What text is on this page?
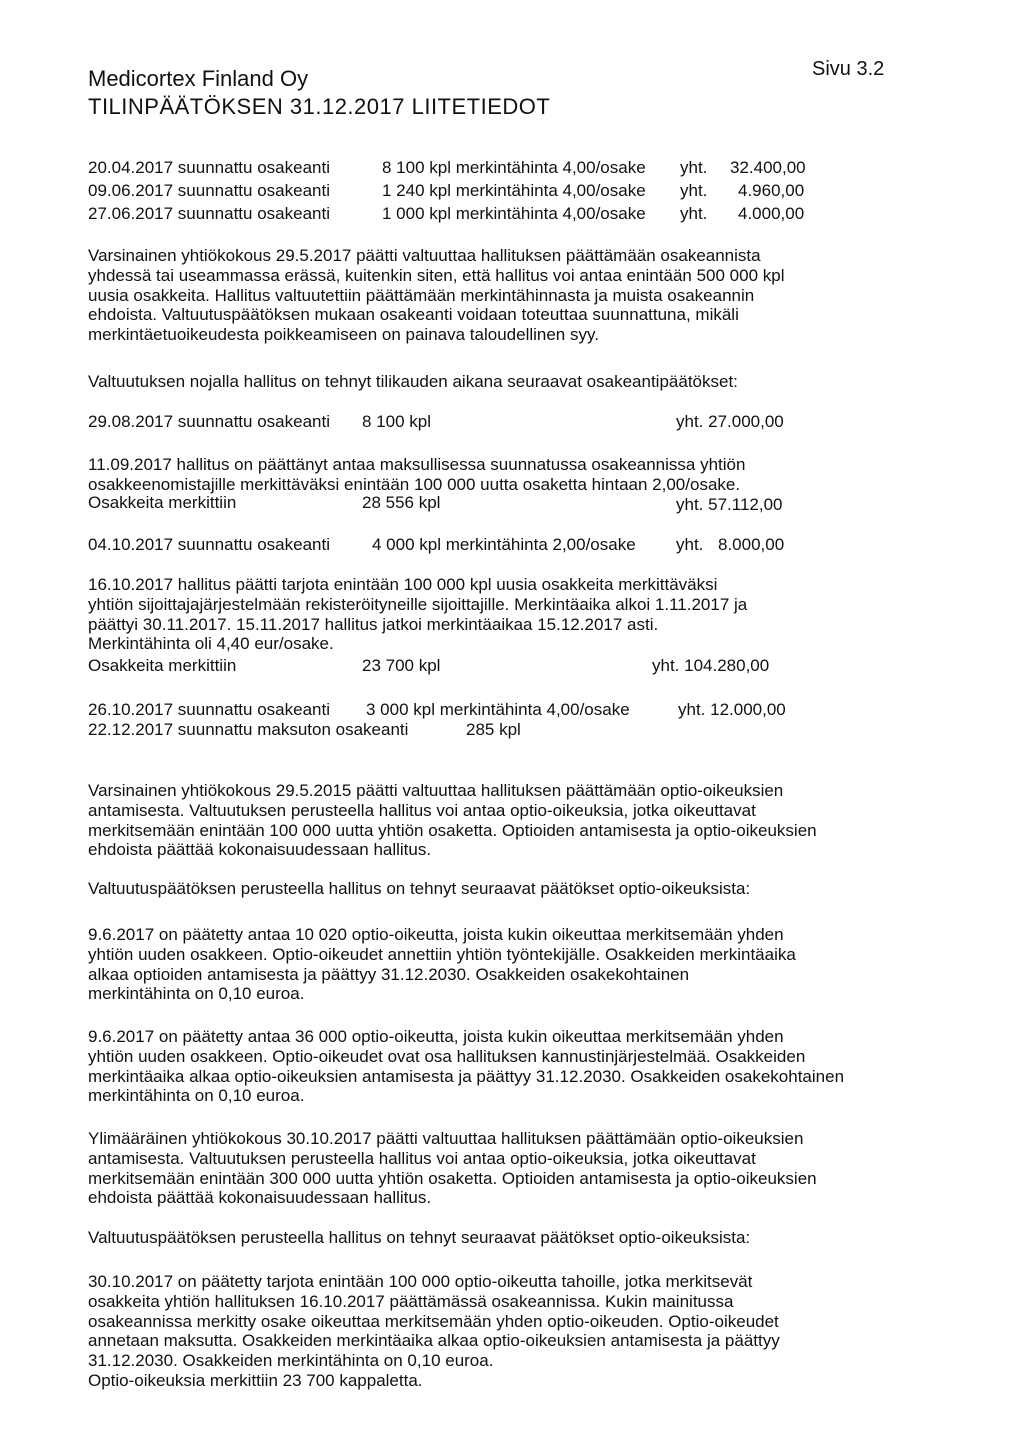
Medicortex Finland Oy
TILINPÄÄTÖKSEN 31.12.2017 LIITETIEDOT
Sivu 3.2
20.04.2017 suunnattu osakeanti	8 100 kpl merkintähinta 4,00/osake yht. 32.400,00
09.06.2017 suunnattu osakeanti	1 240 kpl merkintähinta 4,00/osake yht. 4.960,00
27.06.2017 suunnattu osakeanti	1 000 kpl merkintähinta 4,00/osake yht. 4.000,00
Varsinainen yhtiökokous 29.5.2017 päätti valtuuttaa hallituksen päättämään osakeannista
yhdessä tai useammassa erässä, kuitenkin siten, että hallitus voi antaa enintään 500 000 kpl
uusia osakkeita. Hallitus valtuutettiin päättämään merkintähinnasta ja muista osakeannin
ehdoista. Valtuutuspäätöksen mukaan osakeanti voidaan toteuttaa suunnattuna, mikäli
merkintäetuoikeudesta poikkeamiseen on painava taloudellinen syy.
Valtuutuksen nojalla hallitus on tehnyt tilikauden aikana seuraavat osakeantipäätökset:
29.08.2017 suunnattu osakeanti 8 100 kpl	yht. 27.000,00
11.09.2017 hallitus on päättänyt antaa maksullisessa suunnatussa osakeannissa yhtiön
osakkeenomistajille merkittäväksi enintään 100 000 uutta osaketta hintaan 2,00/osake.
Osakkeita merkittiin	28 556 kpl	yht. 57.112,00
04.10.2017 suunnattu osakeanti 4 000 kpl merkintähinta 2,00/osake yht. 8.000,00
16.10.2017 hallitus päätti tarjota enintään 100 000 kpl uusia osakkeita merkittäväksi
yhtiön sijoittajajärjestelmään rekisteröityneille sijoittajille. Merkintäaika alkoi 1.11.2017 ja
päättyi 30.11.2017. 15.11.2017 hallitus jatkoi merkintäaikaa 15.12.2017 asti.
Merkintähinta oli 4,40 eur/osake.
Osakkeita merkittiin	23 700 kpl	yht. 104.280,00
26.10.2017 suunnattu osakeanti 3 000 kpl merkintähinta 4,00/osake	yht. 12.000,00
22.12.2017 suunnattu maksuton osakeanti	285 kpl
Varsinainen yhtiökokous 29.5.2015 päätti valtuuttaa hallituksen päättämään optio-oikeuksien
antamisesta. Valtuutuksen perusteella hallitus voi antaa optio-oikeuksia, jotka oikeuttavat
merkitsemään enintään 100 000 uutta yhtiön osaketta. Optioiden antamisesta ja optio-oikeuksien
ehdoista päättää kokonaisuudessaan hallitus.
Valtuutuspäätöksen perusteella hallitus on tehnyt seuraavat päätökset optio-oikeuksista:
9.6.2017 on päätetty antaa 10 020 optio-oikeutta, joista kukin oikeuttaa merkitsemään yhden
yhtiön uuden osakkeen. Optio-oikeudet annettiin yhtiön työntekijälle. Osakkeiden merkintäaika
alkaa optioiden antamisesta ja päättyy 31.12.2030. Osakkeiden osakekohtainen
merkintähinta on 0,10 euroa.
9.6.2017 on päätetty antaa 36 000 optio-oikeutta, joista kukin oikeuttaa merkitsemään yhden
yhtiön uuden osakkeen. Optio-oikeudet ovat osa hallituksen kannustinjärjestelmää. Osakkeiden
merkintäaika alkaa optio-oikeuksien antamisesta ja päättyy 31.12.2030. Osakkeiden osakekohtainen
merkintähinta on 0,10 euroa.
Ylimääräinen yhtiökokous 30.10.2017 päätti valtuuttaa hallituksen päättämään optio-oikeuksien
antamisesta. Valtuutuksen perusteella hallitus voi antaa optio-oikeuksia, jotka oikeuttavat
merkitsemään enintään 300 000 uutta yhtiön osaketta. Optioiden antamisesta ja optio-oikeuksien
ehdoista päättää kokonaisuudessaan hallitus.
Valtuutuspäätöksen perusteella hallitus on tehnyt seuraavat päätökset optio-oikeuksista:
30.10.2017 on päätetty tarjota enintään 100 000 optio-oikeutta tahoille, jotka merkitsevät
osakkeita yhtiön hallituksen 16.10.2017 päättämässä osakeannissa. Kukin mainitussa
osakeannissa merkitty osake oikeuttaa merkitsemään yhden optio-oikeuden. Optio-oikeudet
annetaan maksutta. Osakkeiden merkintäaika alkaa optio-oikeuksien antamisesta ja päättyy
31.12.2030. Osakkeiden merkintähinta on 0,10 euroa.
Optio-oikeuksia merkittiin 23 700 kappaletta.
